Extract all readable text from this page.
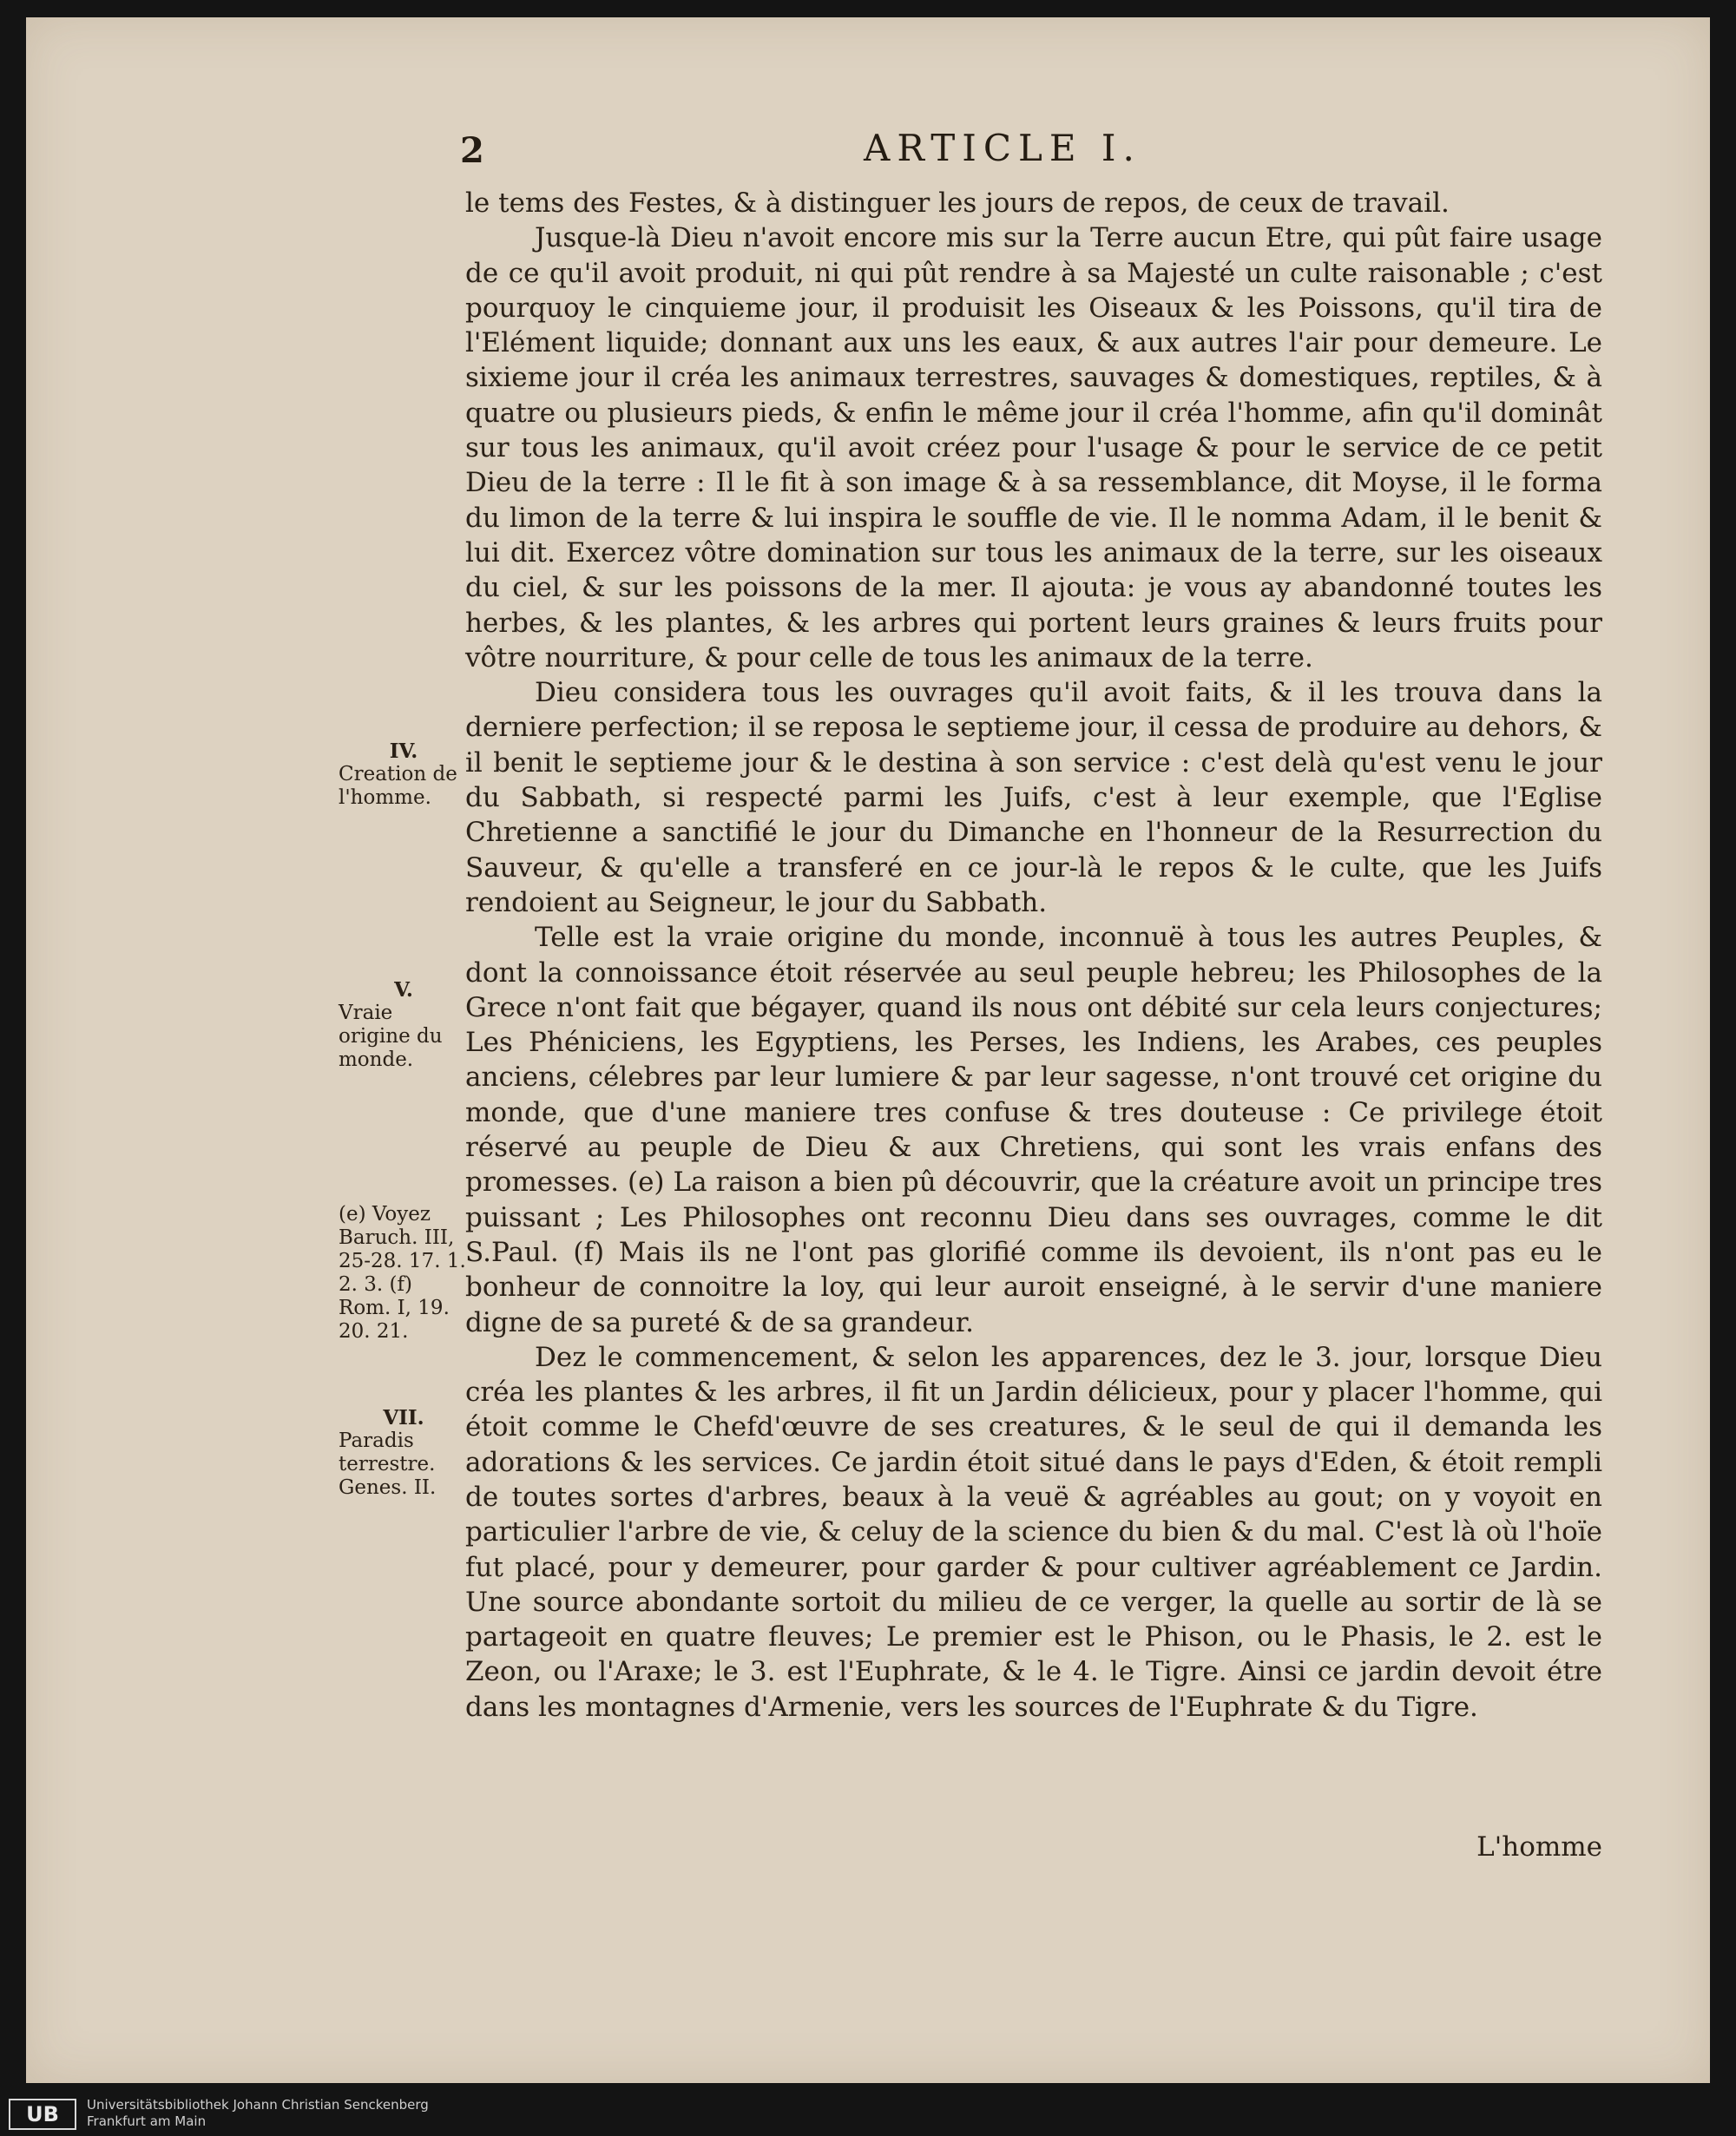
2	ARTICLE I.

le tems des Festes, & à distinguer les jours de repos, de ceux de travail.

Jusque-là Dieu n'avoit encore mis sur la Terre aucun Etre, qui pût faire usage de ce qu'il avoit produit, ni qui pût rendre à sa Majesté un culte raisonable ; c'est pourquoy le cinquieme jour, il produisit les Oiseaux & les Poissons, qu'il tira de l'Elément liquide; donnant aux uns les eaux, & aux autres l'air pour demeure. Le sixieme jour il créa les animaux terrestres, sauvages & domestiques, reptiles, & à quatre ou plusieurs pieds, & enfin le même jour il créa l'homme, afin qu'il dominât sur tous les animaux, qu'il avoit créez pour l'usage & pour le service de ce petit Dieu de la terre : Il le fit à son image & à sa ressemblance, dit Moyse, il le forma du limon de la terre & lui inspira le souffle de vie. Il le nomma Adam, il le benit & lui dit. Exercez vôtre domination sur tous les animaux de la terre, sur les oiseaux du ciel, & sur les poissons de la mer. Il ajouta: je vous ay abandonné toutes les herbes, & les plantes, & les arbres qui portent leurs graines & leurs fruits pour vôtre nourriture, & pour celle de tous les animaux de la terre.

Dieu considera tous les ouvrages qu'il avoit faits, & il les trouva dans la derniere perfection; il se reposa le septieme jour, il cessa de produire au dehors, & il benit le septieme jour & le destina à son service : c'est delà qu'est venu le jour du Sabbath, si respecté parmi les Juifs, c'est à leur exemple, que l'Eglise Chretienne a sanctifié le jour du Dimanche en l'honneur de la Resurrection du Sauveur, & qu'elle a transferé en ce jour-là le repos & le culte, que les Juifs rendoient au Seigneur, le jour du Sabbath.

Telle est la vraie origine du monde, inconnuë à tous les autres Peuples, & dont la connoissance étoit réservée au seul peuple hebreu; les Philosophes de la Grece n'ont fait que bégayer, quand ils nous ont débité sur cela leurs conjectures; Les Phéniciens, les Egyptiens, les Perses, les Indiens, les Arabes, ces peuples anciens, célebres par leur lumiere & par leur sagesse, n'ont trouvé cet origine du monde, que d'une maniere tres confuse & tres douteuse : Ce privilege étoit réservé au peuple de Dieu & aux Chretiens, qui sont les vrais enfans des promesses. (e) La raison a bien pû découvrir, que la créature avoit un principe tres puissant ; Les Philosophes ont reconnu Dieu dans ses ouvrages, comme le dit S.Paul. (f) Mais ils ne l'ont pas glorifié comme ils devoient, ils n'ont pas eu le bonheur de connoitre la loy, qui leur auroit enseigné, à le servir d'une maniere digne de sa pureté & de sa grandeur.

Dez le commencement, & selon les apparences, dez le 3. jour, lorsque Dieu créa les plantes & les arbres, il fit un Jardin délicieux, pour y placer l'homme, qui étoit comme le Chefd'œuvre de ses creatures, & le seul de qui il demanda les adorations & les services. Ce jardin étoit situé dans le pays d'Eden, & étoit rempli de toutes sortes d'arbres, beaux à la veuë & agréables au gout; on y voyoit en particulier l'arbre de vie, & celuy de la science du bien & du mal. C'est là où l'hoïe fut placé, pour y demeurer, pour garder & pour cultiver agréablement ce Jardin. Une source abondante sortoit du milieu de ce verger, la quelle au sortir de là se partageoit en quatre fleuves; Le premier est le Phison, ou le Phasis, le 2. est le Zeon, ou l'Araxe; le 3. est l'Euphrate, & le 4. le Tigre. Ainsi ce jardin devoit étre dans les montagnes d'Armenie, vers les sources de l'Euphrate & du Tigre.

IV.
Creation de l'homme.
V.
Vraie origine du monde.
(e) Voyez Baruch. III, 25-28. 17. 1. 2. 3. (f) Rom. I, 19. 20. 21.
VII.
Paradis terrestre. Genes. II.
L'homme
UB	Universitätsbibliothek Johann Christian Senckenberg
Frankfurt am Main
